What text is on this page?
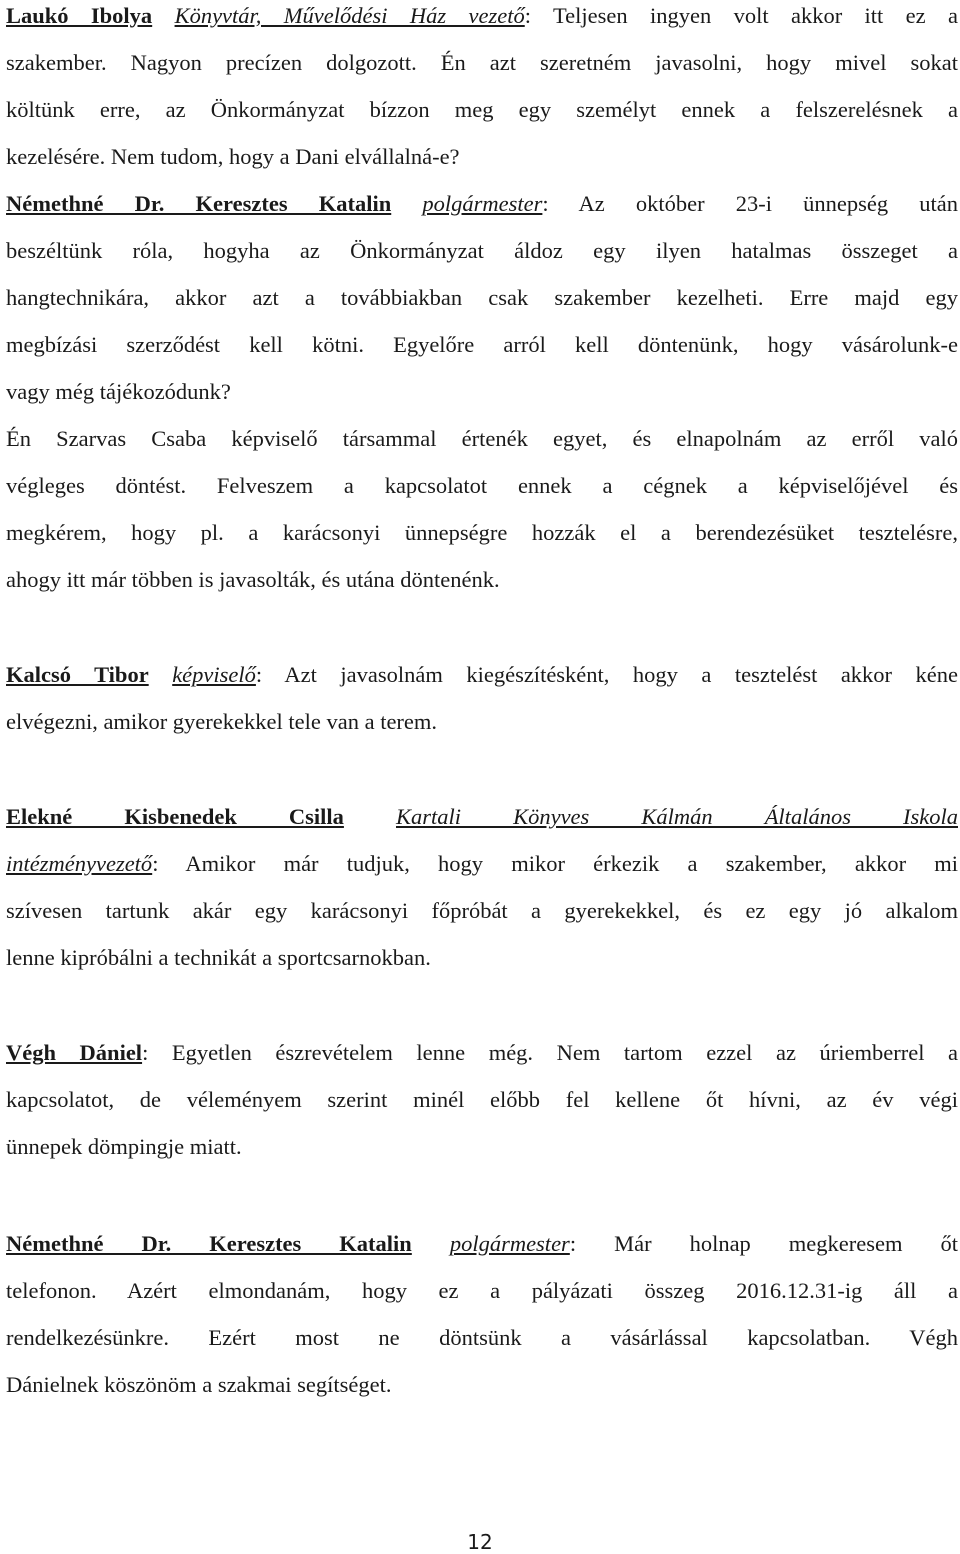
Laukó Ibolya Könyvtár, Művelődési Ház vezető: Teljesen ingyen volt akkor itt ez a
szakember. Nagyon precízen dolgozott. Én azt szeretném javasolni, hogy mivel sokat
költünk erre, az Önkormányzat bízzon meg egy személyt ennek a felszerelésnek a
kezelésére. Nem tudom, hogy a Dani elvállalná-e?
Némethné Dr. Keresztes Katalin polgármester: Az október 23-i ünnepség után
beszéltünk róla, hogyha az Önkormányzat áldoz egy ilyen hatalmas összeget a
hangtechnikára, akkor azt a továbbiakban csak szakember kezelheti. Erre majd egy
megbízási szerződést kell kötni. Egyelőre arról kell döntenünk, hogy vásárolunk-e
vagy még tájékozódunk?
Én Szarvas Csaba képviselő társammal értenék egyet, és elnapolnám az erről való
végleges döntést. Felveszem a kapcsolatot ennek a cégnek a képviselőjével és
megkérem, hogy pl. a karácsonyi ünnepségre hozzák el a berendezésüket tesztelésre,
ahogy itt már többen is javasolták, és utána döntenénk.
Kalcsó Tibor képviselő: Azt javasolnám kiegészítésként, hogy a tesztelést akkor kéne
elvégezni, amikor gyerekekkel tele van a terem.
Elekné Kisbenedek Csilla Kartali Könyves Kálmán Általános Iskola
intézményvezető: Amikor már tudjuk, hogy mikor érkezik a szakember, akkor mi
szívesen tartunk akár egy karácsonyi főpróbát a gyerekekkel, és ez egy jó alkalom
lenne kipróbálni a technikát a sportcsarnokban.
Végh Dániel: Egyetlen észrevételem lenne még. Nem tartom ezzel az úriemberrel a
kapcsolatot, de véleményem szerint minél előbb fel kellene őt hívni, az év végi
ünnepek dömpingje miatt.
Némethné Dr. Keresztes Katalin polgármester: Már holnap megkeresem őt
telefonon. Azért elmondanám, hogy ez a pályázati összeg 2016.12.31-ig áll a
rendelkezésünkre. Ezért most ne döntsünk a vásárlással kapcsolatban. Végh
Dánielnek köszönöm a szakmai segítséget.
12
